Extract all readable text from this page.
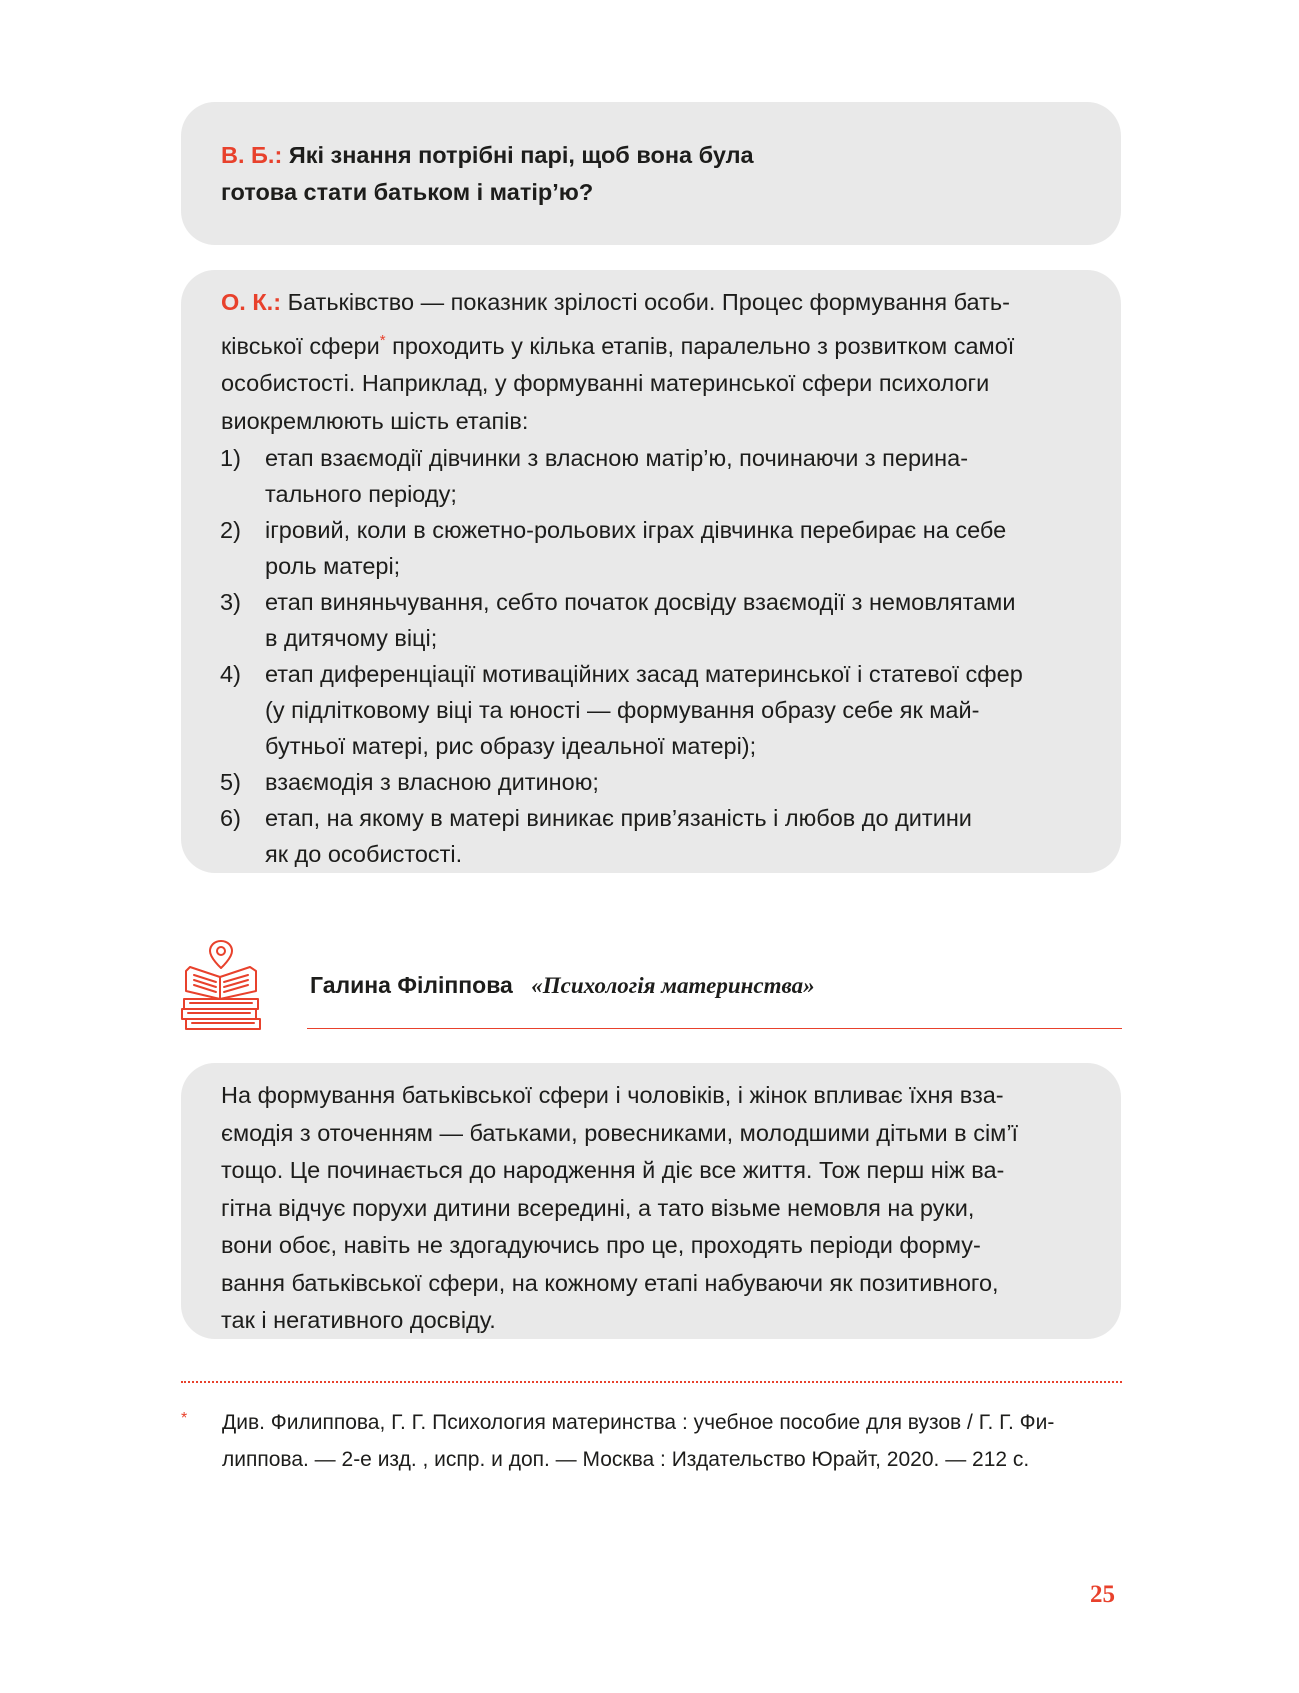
В. Б.: Які знання потрібні парі, щоб вона була
готова стати батьком і матір’ю?

О. К.: Батьківство — показник зрілості особи. Процес формування бать-
ківської сфери* проходить у кілька етапів, паралельно з розвитком самої
особистості. Наприклад, у формуванні материнської сфери психологи
виокремлюють шість етапів:

1)	етап взаємодії дівчинки з власною матір’ю, починаючи з перина-
тального періоду;
2)	ігровий, коли в сюжетно-рольових іграх дівчинка перебирає на себе
роль матері;
3)	етап виняньчування, себто початок досвіду взаємодії з немовлятами
в дитячому віці;
4)	етап диференціації мотиваційних засад материнської і статевої сфер
(у підлітковому віці та юності — формування образу себе як май-
бутньої матері, рис образу ідеальної матері);
5)	взаємодія з власною дитиною;
6)	етап, на якому в матері виникає прив’язаність і любов до дитини
як до особистості.
Галина Філіппова «Психологія материнства»

На формування батьківської сфери і чоловіків, і жінок впливає їхня вза-
ємодія з оточенням — батьками, ровесниками, молодшими дітьми в сім’ї
тощо. Це починається до народження й діє все життя. Тож перш ніж ва-
гітна відчує порухи дитини всередині, а тато візьме немовля на руки,
вони обоє, навіть не здогадуючись про це, проходять періоди форму-
вання батьківської сфери, на кожному етапі набуваючи як позитивного,
так і негативного досвіду.

* Див. Филиппова, Г. Г. Психология материнства : учебное пособие для вузов / Г. Г. Фи-
липпова. — 2-е изд. , испр. и доп. — Москва : Издательство Юрайт, 2020. — 212 с.

25
